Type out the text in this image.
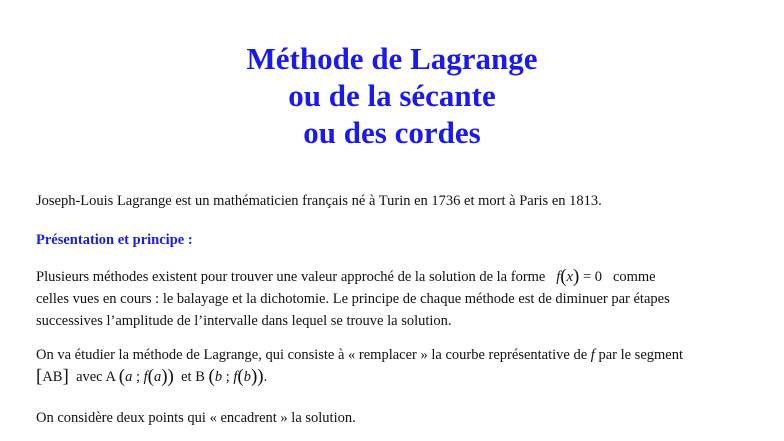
Méthode de Lagrange
ou de la sécante
ou des cordes
Joseph-Louis Lagrange est un mathématicien français né à Turin en 1736 et mort à Paris en 1813.
Présentation et principe :
Plusieurs méthodes existent pour trouver une valeur approché de la solution de la forme f(x) = 0 comme
celles vues en cours : le balayage et la dichotomie. Le principe de chaque méthode est de diminuer par étapes
successives l’amplitude de l’intervalle dans lequel se trouve la solution.
On va étudier la méthode de Lagrange, qui consiste à « remplacer » la courbe représentative de f par le segment
[AB] avec A (a ; f(a)) et B (b ; f(b)).
On considère deux points qui « encadrent » la solution.
